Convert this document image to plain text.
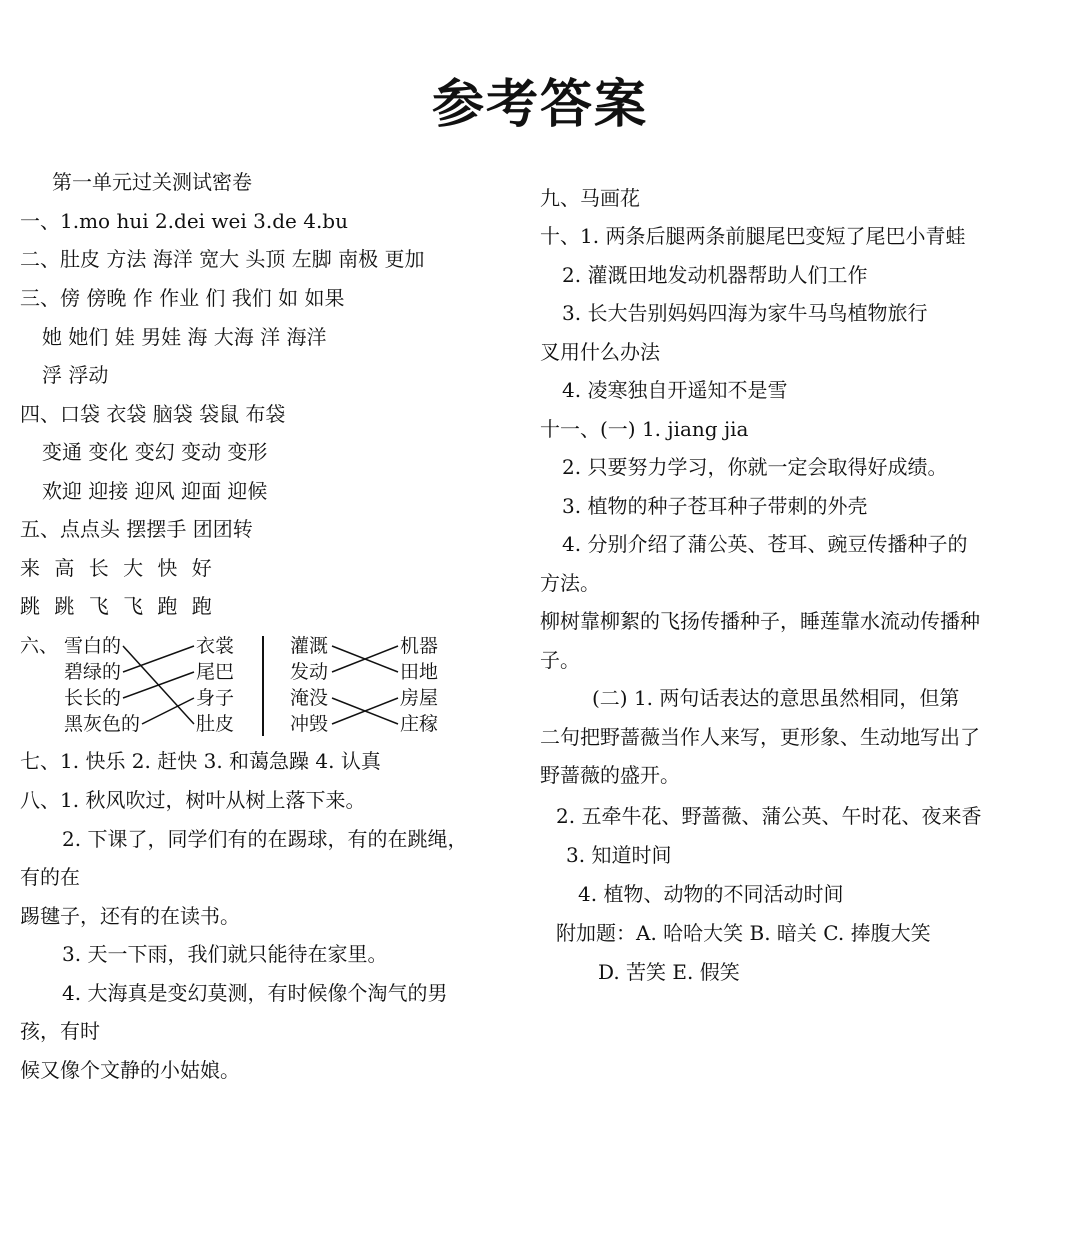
参考答案
第一单元过关测试密卷
一、1.mo hui 2.dei wei 3.de 4.bu
二、肚皮 方法 海洋 宽大 头顶 左脚 南极 更加
三、傍 傍晚 作 作业 们 我们 如 如果
她 她们 娃 男娃 海 大海 洋 海洋
浮 浮动
四、口袋 衣袋 脑袋 袋鼠 布袋
变通 变化 变幻 变动 变形
欢迎 迎接 迎风 迎面 迎候
五、点点头 摆摆手 团团转
来 高 长 大 快 好
跳 跳 飞 飞 跑 跑
六、 雪白的
碧绿的
长长的
黑灰色的
衣裳
尾巴
身子
肚皮
灌溉
发动
淹没
冲毁
机器
田地
房屋
庄稼
七、1. 快乐 2. 赶快 3. 和蔼急躁 4. 认真
八、1. 秋风吹过，树叶从树上落下来。
2. 下课了，同学们有的在踢球，有的在跳绳，
有的在
踢毽子，还有的在读书。
3. 天一下雨，我们就只能待在家里。
4. 大海真是变幻莫测，有时候像个淘气的男
孩，有时
候又像个文静的小姑娘。
九、马画花
十、1. 两条后腿两条前腿尾巴变短了尾巴小青蛙
2. 灌溉田地发动机器帮助人们工作
3. 长大告别妈妈四海为家牛马鸟植物旅行
叉用什么办法
4. 凌寒独自开遥知不是雪
十一、(一) 1. jiang jia
2. 只要努力学习，你就一定会取得好成绩。
3. 植物的种子苍耳种子带刺的外壳
4. 分别介绍了蒲公英、苍耳、豌豆传播种子的
方法。
柳树靠柳絮的飞扬传播种子，睡莲靠水流动传播种
子。
(二) 1. 两句话表达的意思虽然相同，但第
二句把野蔷薇当作人来写，更形象、生动地写出了
野蔷薇的盛开。
2. 五牵牛花、野蔷薇、蒲公英、午时花、夜来香
3. 知道时间
4. 植物、动物的不同活动时间
附加题：A. 哈哈大笑 B. 暗关 C. 捧腹大笑
D. 苦笑 E. 假笑
